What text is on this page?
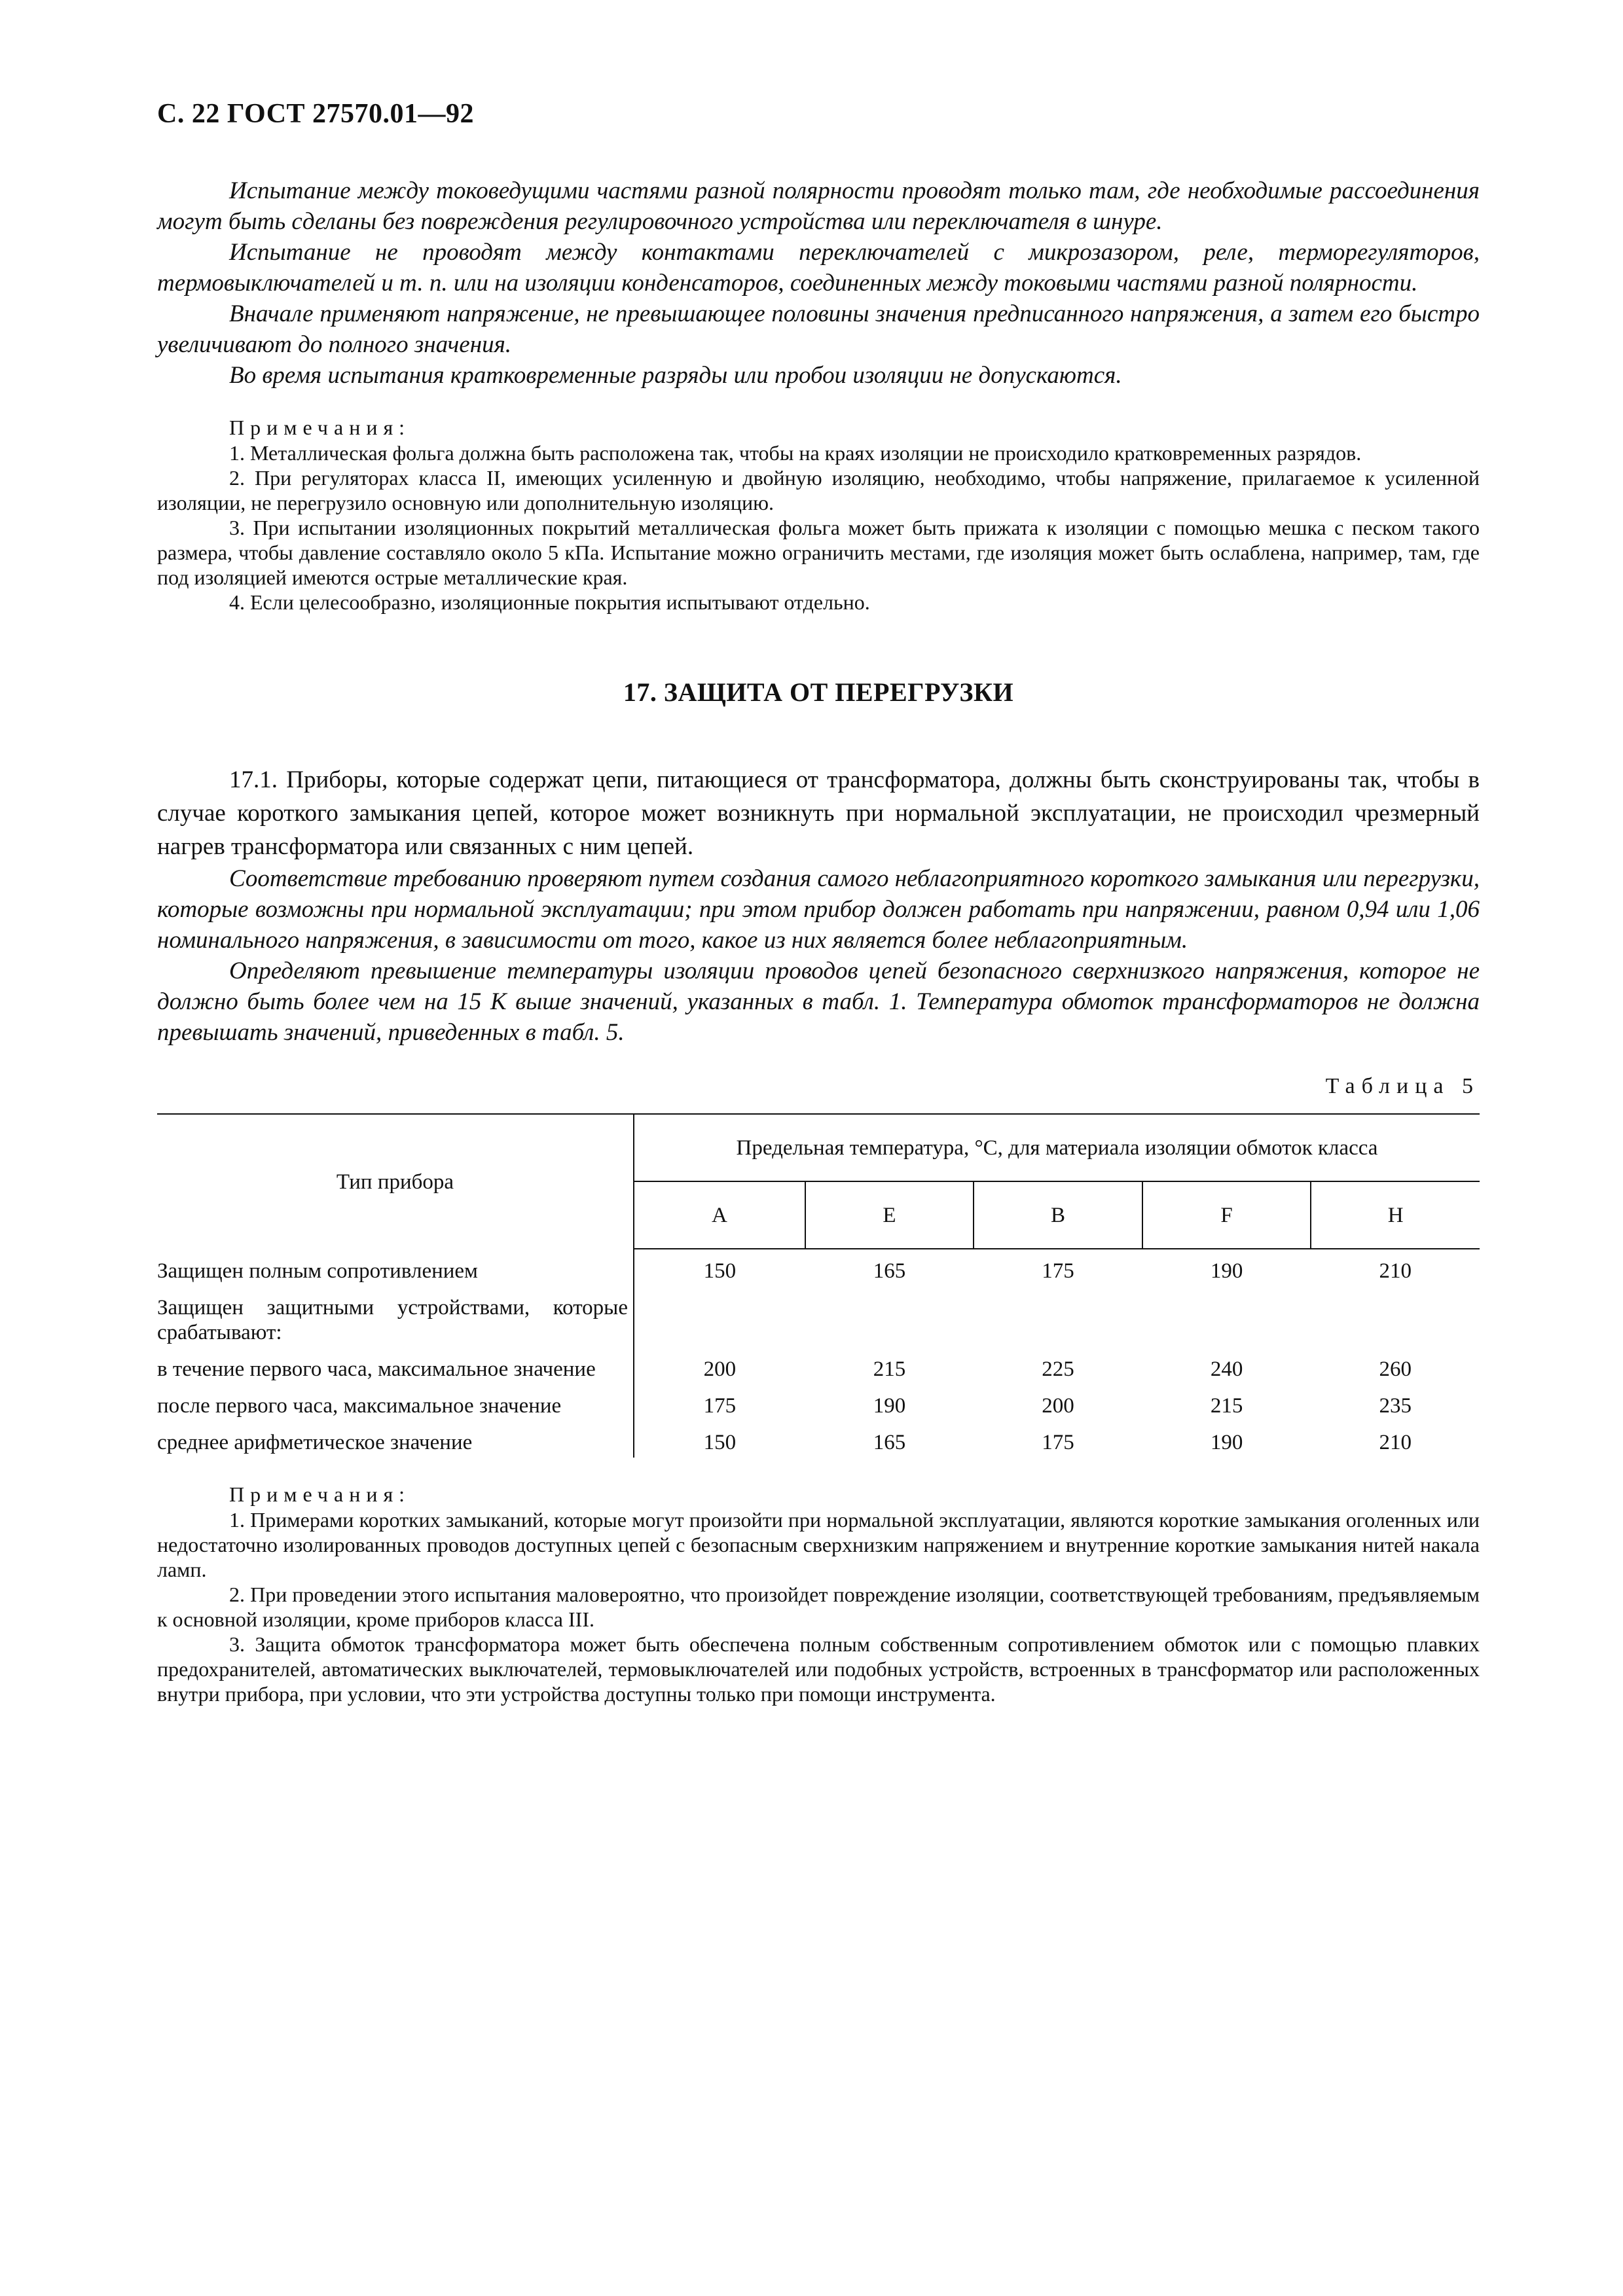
С. 22 ГОСТ 27570.01—92

Испытание между токоведущими частями разной полярности проводят только там, где необходимые рассоединения могут быть сделаны без повреждения регулировочного устройства или переключателя в шнуре.

Испытание не проводят между контактами переключателей с микрозазором, реле, терморегуляторов, термовыключателей и т. п. или на изоляции конденсаторов, соединенных между токовыми частями разной полярности.

Вначале применяют напряжение, не превышающее половины значения предписанного напряжения, а затем его быстро увеличивают до полного значения.

Во время испытания кратковременные разряды или пробои изоляции не допускаются.

Примечания:

1. Металлическая фольга должна быть расположена так, чтобы на краях изоляции не происходило кратковременных разрядов.

2. При регуляторах класса II, имеющих усиленную и двойную изоляцию, необходимо, чтобы напряжение, прилагаемое к усиленной изоляции, не перегрузило основную или дополнительную изоляцию.

3. При испытании изоляционных покрытий металлическая фольга может быть прижата к изоляции с помощью мешка с песком такого размера, чтобы давление составляло около 5 кПа. Испытание можно ограничить местами, где изоляция может быть ослаблена, например, там, где под изоляцией имеются острые металлические края.

4. Если целесообразно, изоляционные покрытия испытывают отдельно.

17. ЗАЩИТА ОТ ПЕРЕГРУЗКИ

17.1. Приборы, которые содержат цепи, питающиеся от трансформатора, должны быть сконструированы так, чтобы в случае короткого замыкания цепей, которое может возникнуть при нормальной эксплуатации, не происходил чрезмерный нагрев трансформатора или связанных с ним цепей.

Соответствие требованию проверяют путем создания самого неблагоприятного короткого замыкания или перегрузки, которые возможны при нормальной эксплуатации; при этом прибор должен работать при напряжении, равном 0,94 или 1,06 номинального напряжения, в зависимости от того, какое из них является более неблагоприятным.

Определяют превышение температуры изоляции проводов цепей безопасного сверхнизкого напряжения, которое не должно быть более чем на 15 К выше значений, указанных в табл. 1. Температура обмоток трансформаторов не должна превышать значений, приведенных в табл. 5.

Таблица 5
Тип прибора	Предельная температура, °С, для материала изоляции обмоток класса				
	A	E	B	F	H
Защищен полным сопротивлением	150	165	175	190	210
Защищен защитными устройствами, которые срабатывают:					
в течение первого часа, максимальное значение	200	215	225	240	260
после первого часа, максимальное значение	175	190	200	215	235
среднее арифметическое значение	150	165	175	190	210

Примечания:

1. Примерами коротких замыканий, которые могут произойти при нормальной эксплуатации, являются короткие замыкания оголенных или недостаточно изолированных проводов доступных цепей с безопасным сверхнизким напряжением и внутренние короткие замыкания нитей накала ламп.

2. При проведении этого испытания маловероятно, что произойдет повреждение изоляции, соответствующей требованиям, предъявляемым к основной изоляции, кроме приборов класса III.

3. Защита обмоток трансформатора может быть обеспечена полным собственным сопротивлением обмоток или с помощью плавких предохранителей, автоматических выключателей, термовыключателей или подобных устройств, встроенных в трансформатор или расположенных внутри прибора, при условии, что эти устройства доступны только при помощи инструмента.
